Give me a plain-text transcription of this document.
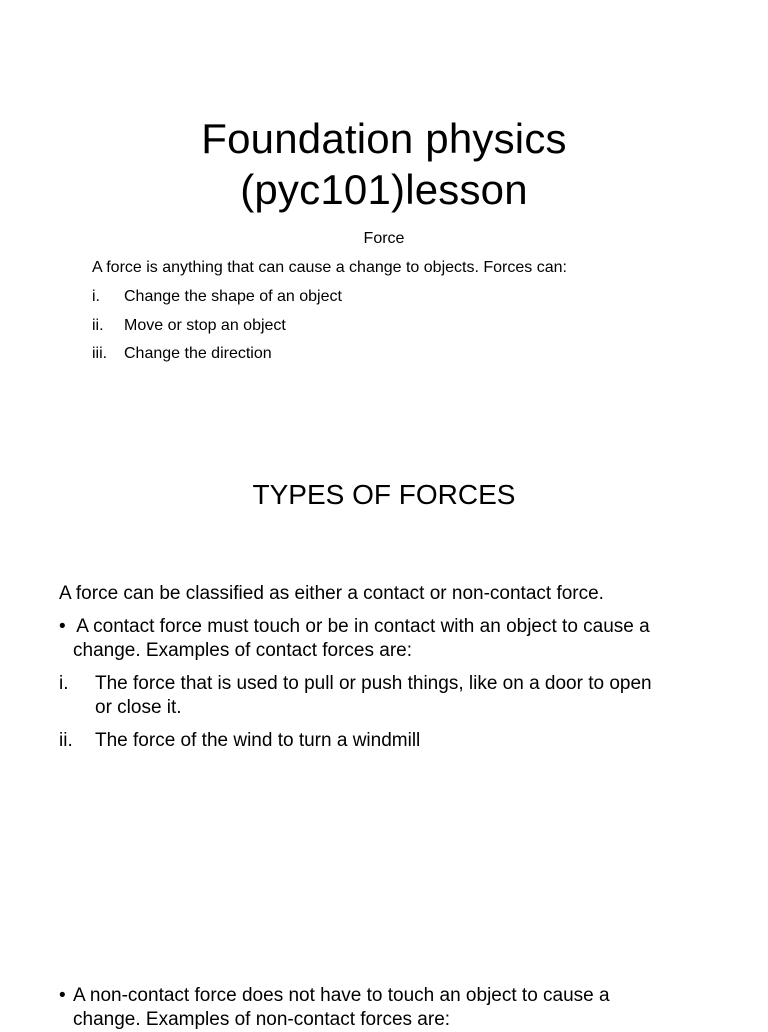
Foundation physics
(pyc101)lesson
Force
A force is anything that can cause a change to objects. Forces can:
i. Change the shape of an object
ii. Move or stop an object
iii. Change the direction
TYPES OF FORCES
A force can be classified as either a contact or non-contact force.
• A contact force must touch or be in contact with an object to cause a
change. Examples of contact forces are:
i. The force that is used to pull or push things, like on a door to open
or close it.
ii. The force of the wind to turn a windmill
• A non-contact force does not have to touch an object to cause a
change. Examples of non-contact forces are:
